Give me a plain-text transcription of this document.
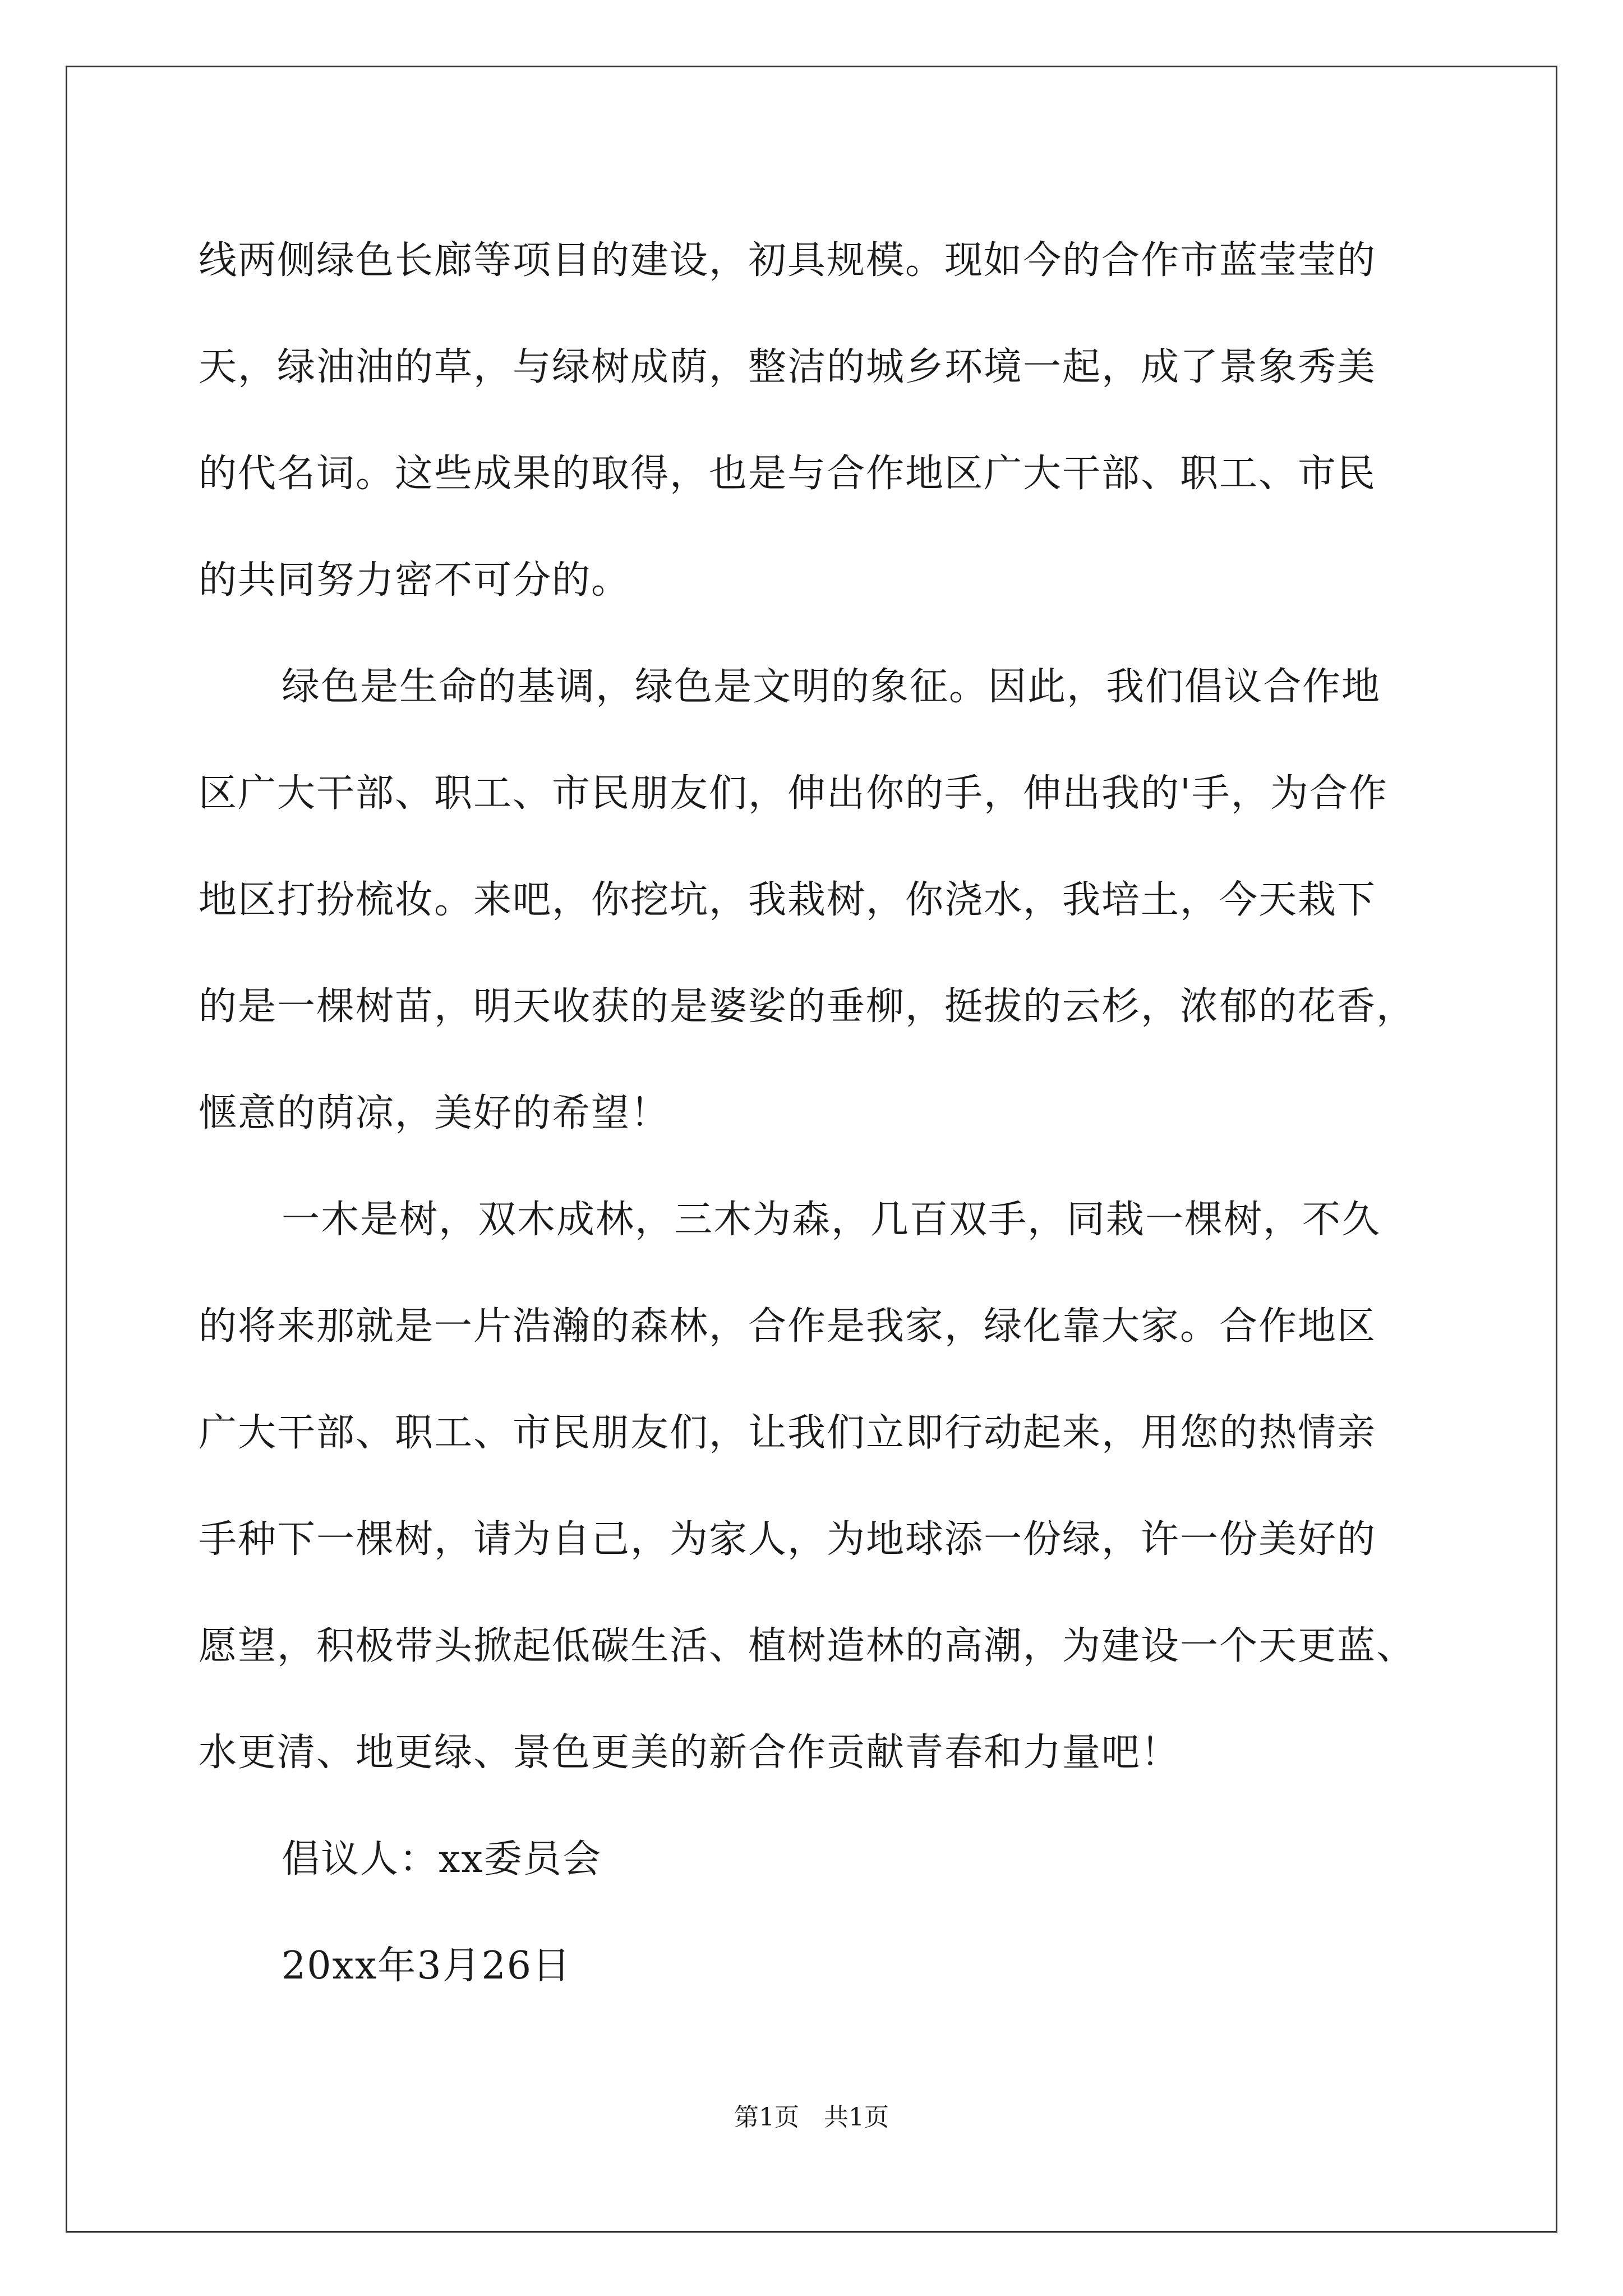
线两侧绿色长廊等项目的建设，初具规模。现如今的合作市蓝莹莹的
天，绿油油的草，与绿树成荫，整洁的城乡环境一起，成了景象秀美
的代名词。这些成果的取得，也是与合作地区广大干部、职工、市民
的共同努力密不可分的。
绿色是生命的基调，绿色是文明的象征。因此，我们倡议合作地
区广大干部、职工、市民朋友们，伸出你的手，伸出我的'手，为合作
地区打扮梳妆。来吧，你挖坑，我栽树，你浇水，我培土，今天栽下
的是一棵树苗，明天收获的是婆娑的垂柳，挺拔的云杉，浓郁的花香，
惬意的荫凉，美好的希望！
一木是树，双木成林，三木为森，几百双手，同栽一棵树，不久
的将来那就是一片浩瀚的森林，合作是我家，绿化靠大家。合作地区
广大干部、职工、市民朋友们，让我们立即行动起来，用您的热情亲
手种下一棵树，请为自己，为家人，为地球添一份绿，许一份美好的
愿望，积极带头掀起低碳生活、植树造林的高潮，为建设一个天更蓝、
水更清、地更绿、景色更美的新合作贡献青春和力量吧！
倡议人：xx委员会
20xx年3月26日
第1页 共1页
